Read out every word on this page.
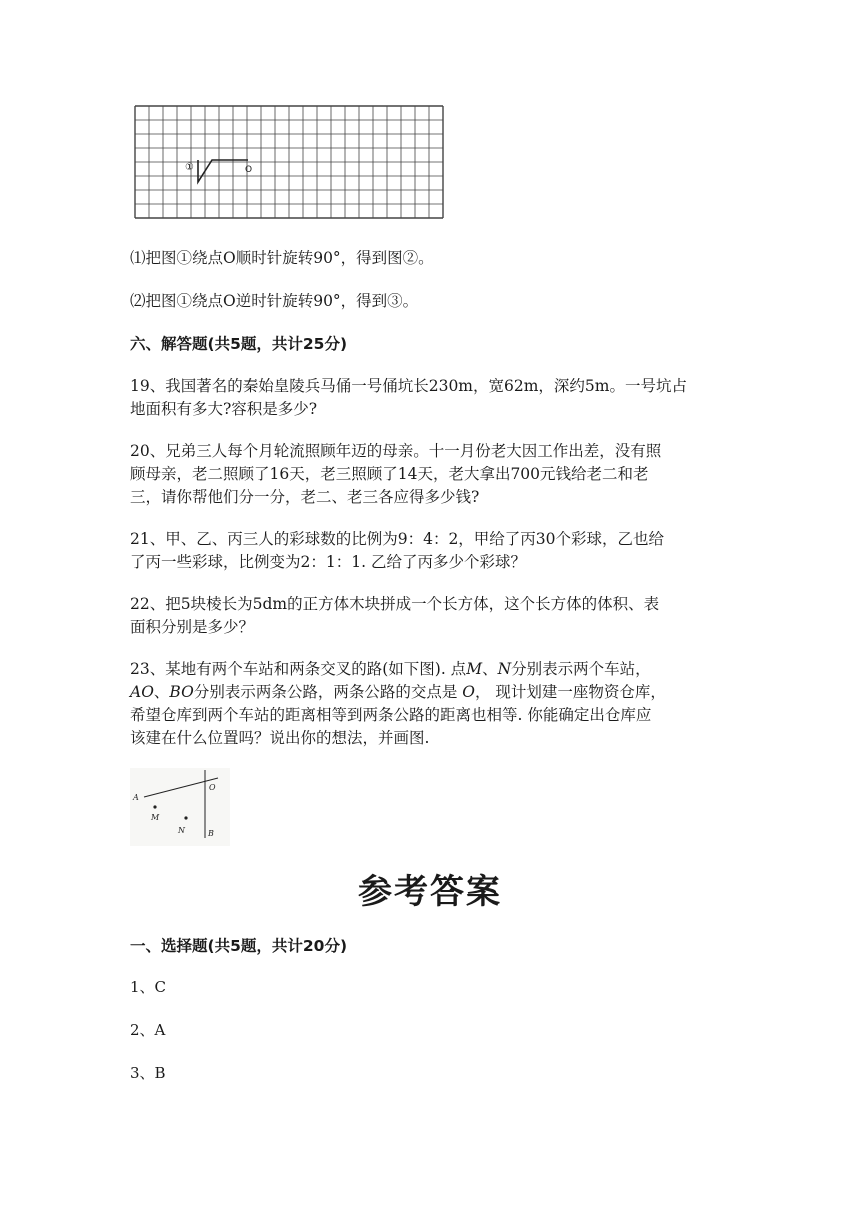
①	O
⑴把图①绕点O顺时针旋转90°，得到图②。
⑵把图①绕点O逆时针旋转90°，得到③。
六、解答题(共5题，共计25分)
19、我国著名的秦始皇陵兵马俑一号俑坑长230m，宽62m，深约5m。一号坑占
地面积有多大?容积是多少?
20、兄弟三人每个月轮流照顾年迈的母亲。十一月份老大因工作出差，没有照
顾母亲，老二照顾了16天，老三照顾了14天，老大拿出700元钱给老二和老
三，请你帮他们分一分，老二、老三各应得多少钱?
21、甲、乙、丙三人的彩球数的比例为9：4：2，甲给了丙30个彩球，乙也给
了丙一些彩球，比例变为2：1：1. 乙给了丙多少个彩球？
22、把5块棱长为5dm的正方体木块拼成一个长方体，这个长方体的体积、表
面积分别是多少？
23、某地有两个车站和两条交叉的路(如下图). 点M、N分别表示两个车站，
AO、BO分别表示两条公路，两条公路的交点是 O， 现计划建一座物资仓库，
希望仓库到两个车站的距离相等到两条公路的距离也相等. 你能确定出仓库应
该建在什么位置吗？说出你的想法，并画图.
A
O
M
N	B
参考答案
一、选择题(共5题，共计20分)
1、C
2、A
3、B
